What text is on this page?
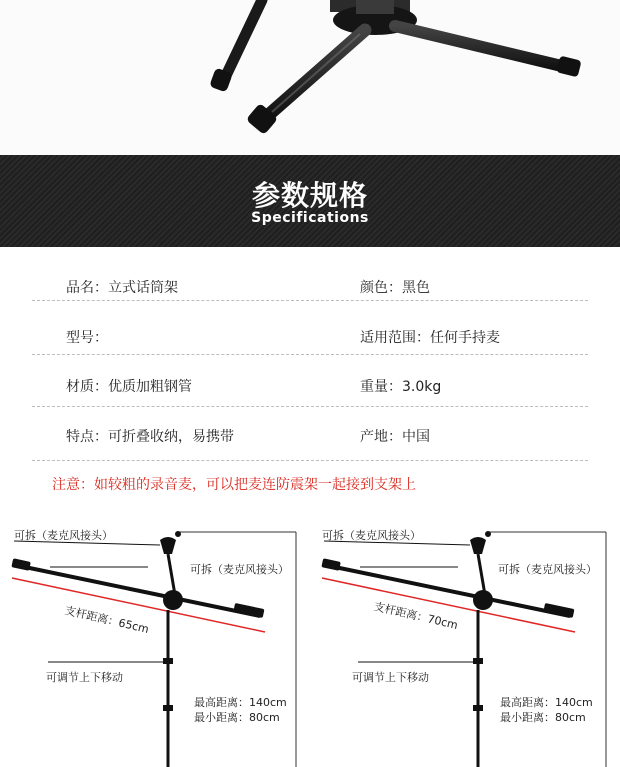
参数规格
Specifications
品名：立式话筒架	颜色：黑色
型号：	适用范围：任何手持麦
材质：优质加粗钢管	重量：3.0kg
特点：可折叠收纳，易携带	产地：中国
注意：如较粗的录音麦，可以把麦连防震架一起接到支架上
可拆（麦克风接头）
可拆（麦克风接头）
支杆距离：65cm
可调节上下移动
最高距离：140cm
最小距离：80cm
可拆（麦克风接头）
可拆（麦克风接头）
支杆距离：70cm
可调节上下移动
最高距离：140cm
最小距离：80cm
